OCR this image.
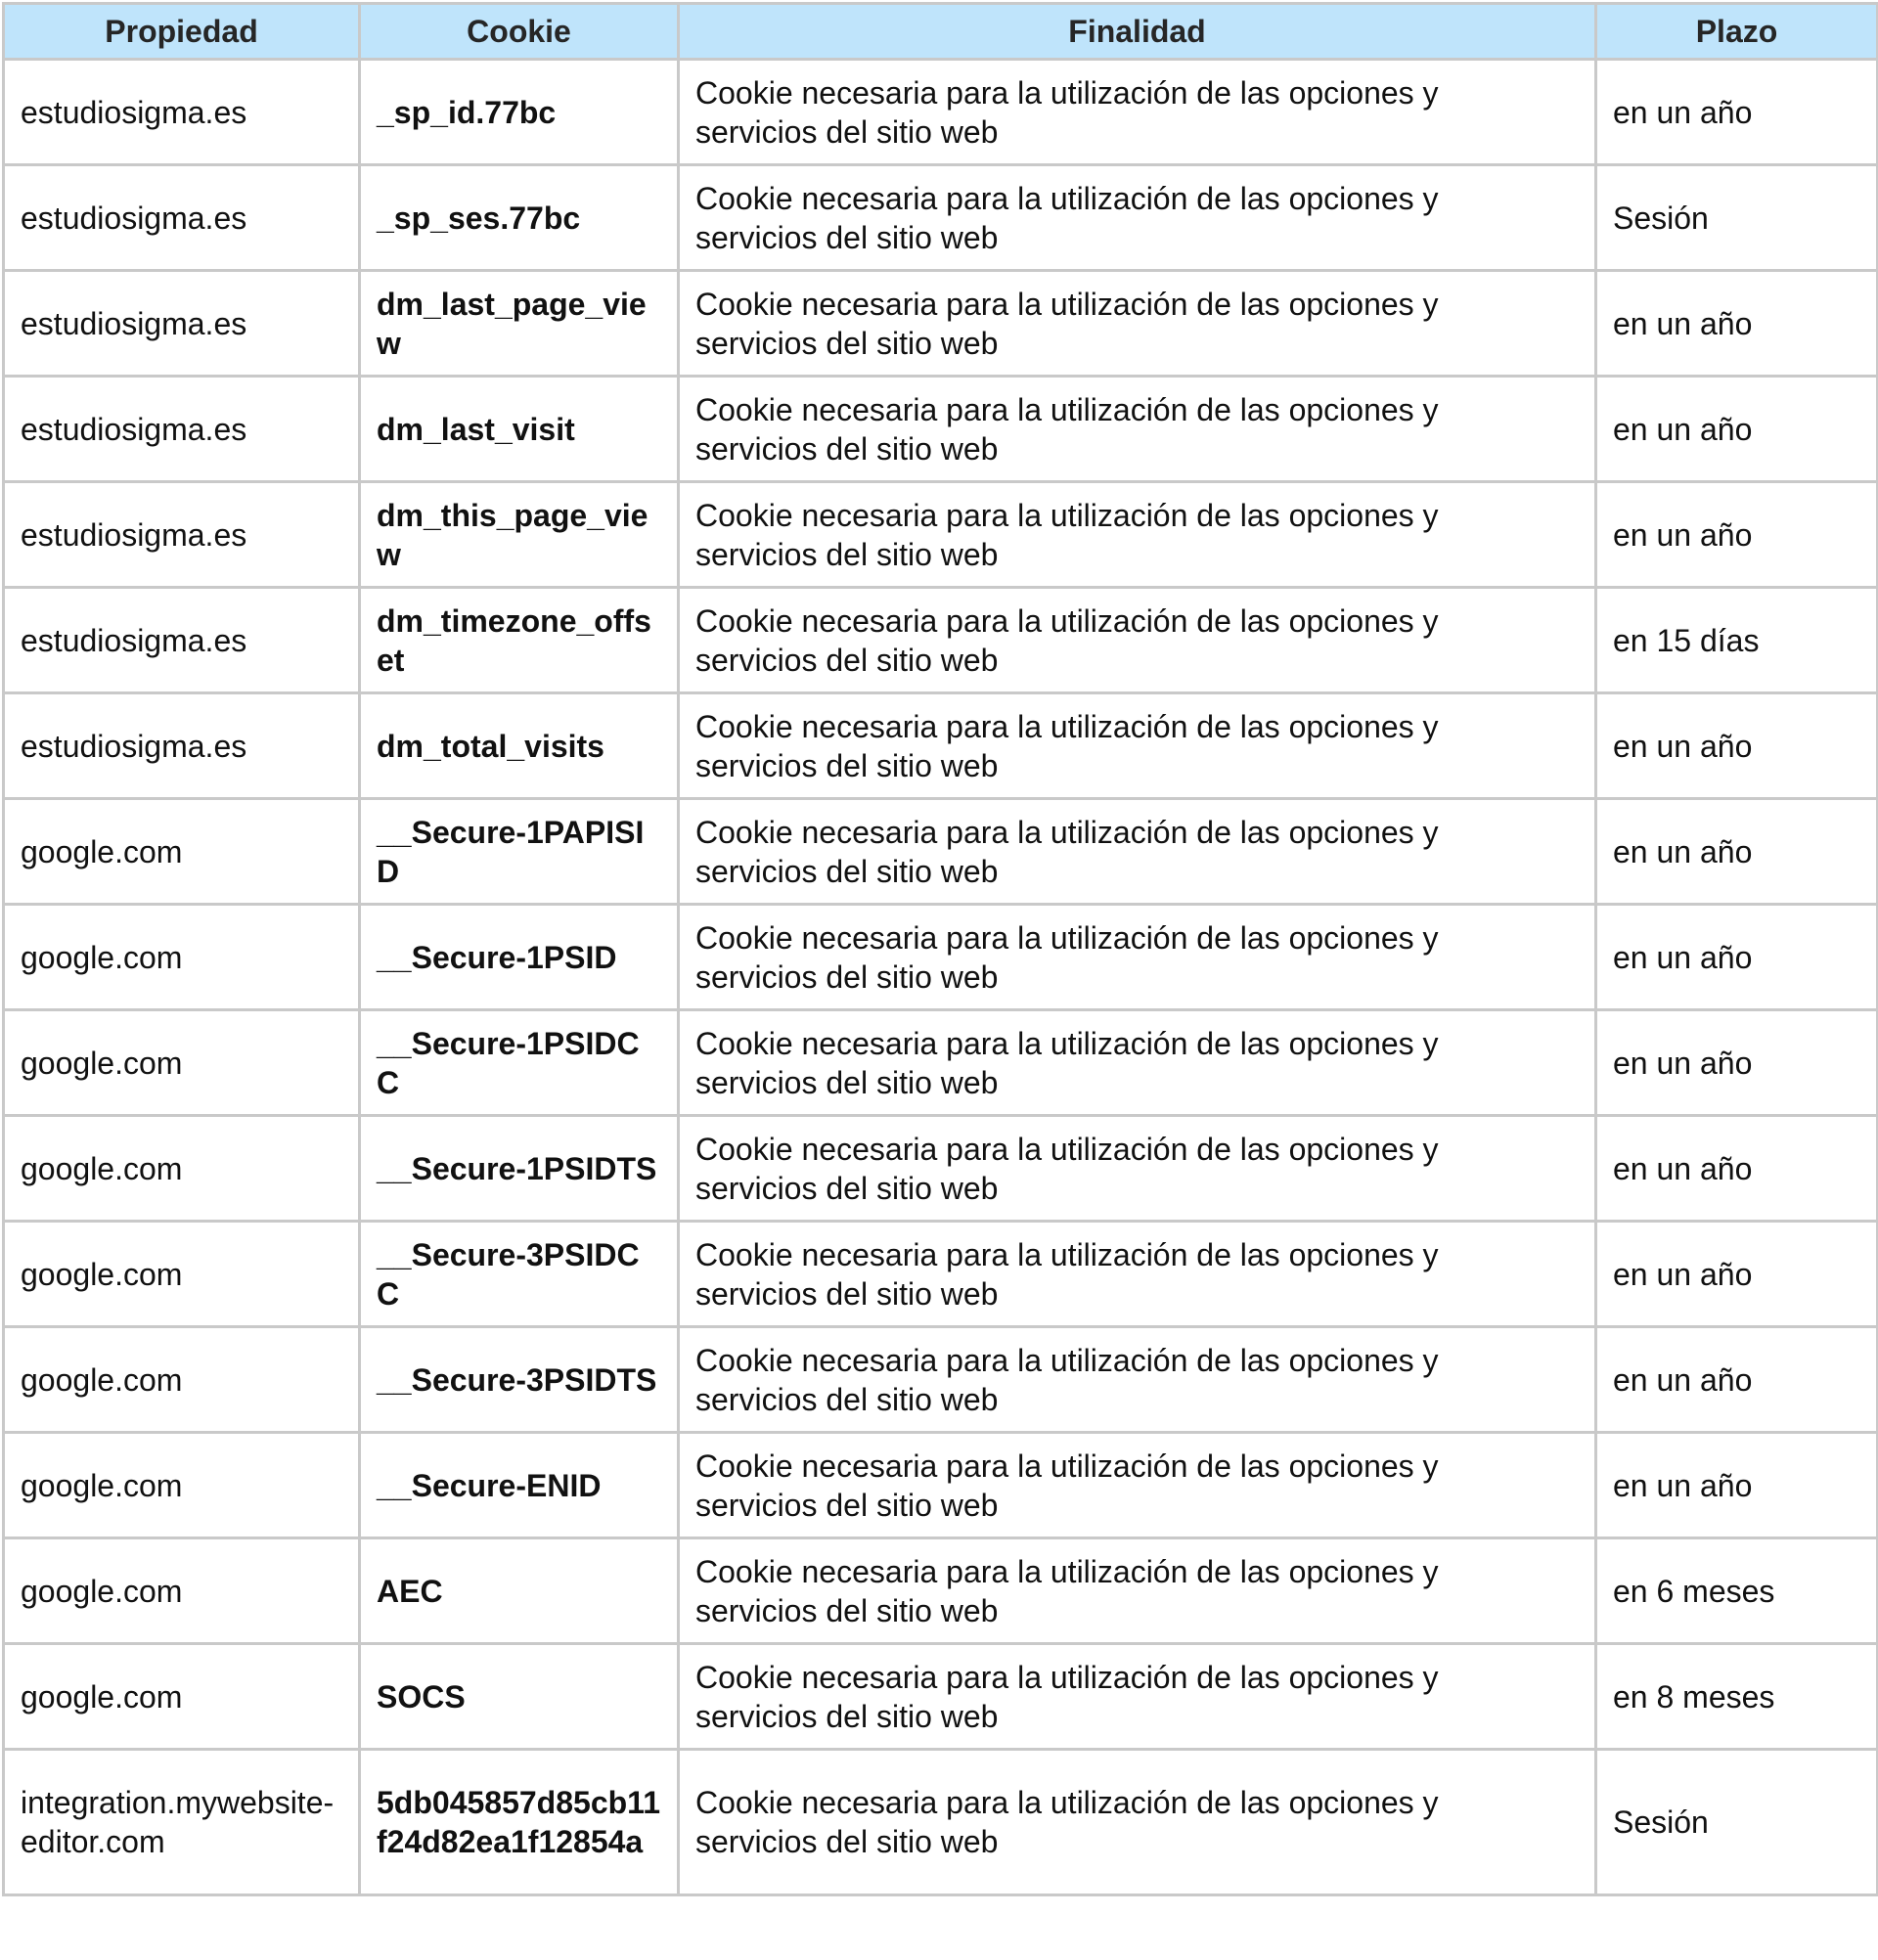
Propiedad	Cookie	Finalidad	Plazo
estudiosigma.es	_sp_id.77bc	Cookie necesaria para la utilización de las opciones y servicios del sitio web	en un año
estudiosigma.es	_sp_ses.77bc	Cookie necesaria para la utilización de las opciones y servicios del sitio web	Sesión
estudiosigma.es	dm_last_page_view	Cookie necesaria para la utilización de las opciones y servicios del sitio web	en un año
estudiosigma.es	dm_last_visit	Cookie necesaria para la utilización de las opciones y servicios del sitio web	en un año
estudiosigma.es	dm_this_page_view	Cookie necesaria para la utilización de las opciones y servicios del sitio web	en un año
estudiosigma.es	dm_timezone_offset	Cookie necesaria para la utilización de las opciones y servicios del sitio web	en 15 días
estudiosigma.es	dm_total_visits	Cookie necesaria para la utilización de las opciones y servicios del sitio web	en un año
google.com	__Secure-1PAPISID	Cookie necesaria para la utilización de las opciones y servicios del sitio web	en un año
google.com	__Secure-1PSID	Cookie necesaria para la utilización de las opciones y servicios del sitio web	en un año
google.com	__Secure-1PSIDCC	Cookie necesaria para la utilización de las opciones y servicios del sitio web	en un año
google.com	__Secure-1PSIDTS	Cookie necesaria para la utilización de las opciones y servicios del sitio web	en un año
google.com	__Secure-3PSIDCC	Cookie necesaria para la utilización de las opciones y servicios del sitio web	en un año
google.com	__Secure-3PSIDTS	Cookie necesaria para la utilización de las opciones y servicios del sitio web	en un año
google.com	__Secure-ENID	Cookie necesaria para la utilización de las opciones y servicios del sitio web	en un año
google.com	AEC	Cookie necesaria para la utilización de las opciones y servicios del sitio web	en 6 meses
google.com	SOCS	Cookie necesaria para la utilización de las opciones y servicios del sitio web	en 8 meses
integration.mywebsite-editor.com	5db045857d85cb11f24d82ea1f12854a	Cookie necesaria para la utilización de las opciones y servicios del sitio web	Sesión
